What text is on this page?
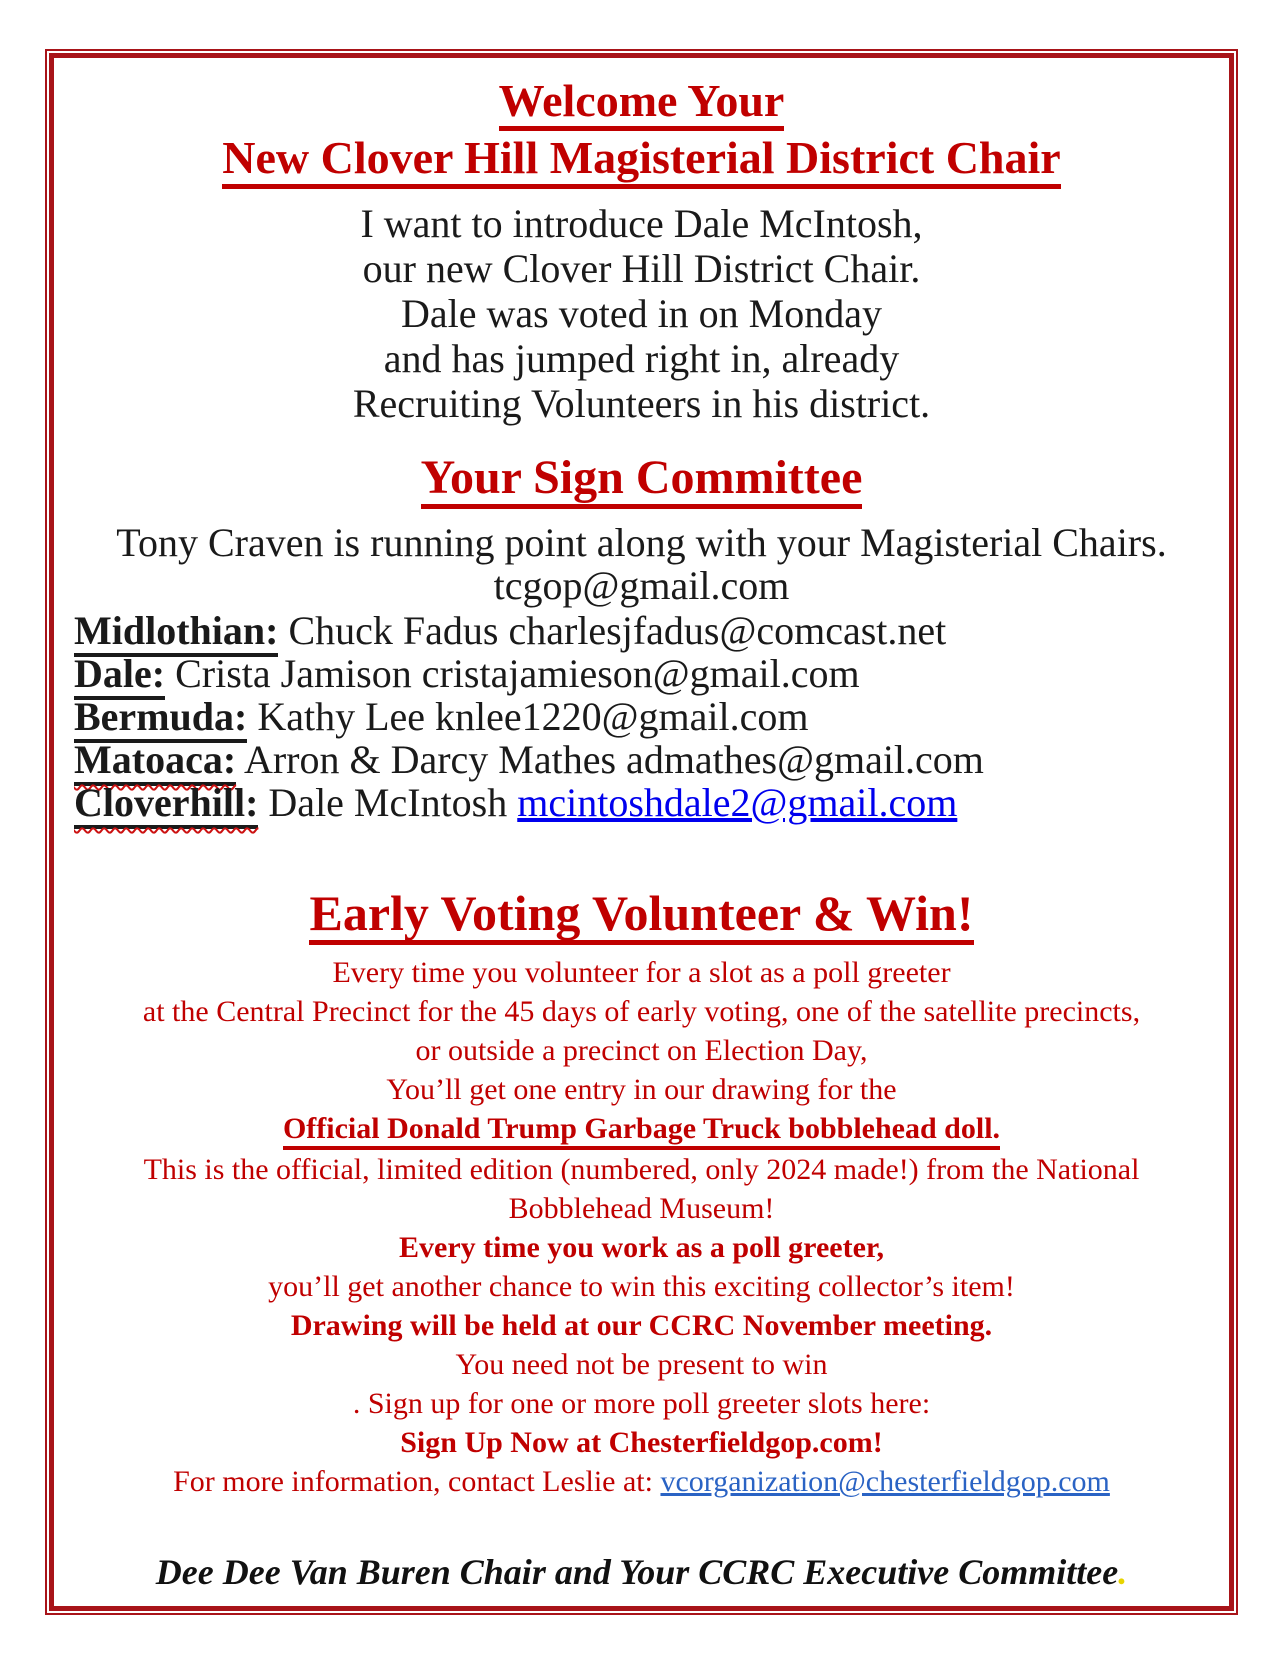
Welcome Your
New Clover Hill Magisterial District Chair
I want to introduce Dale McIntosh,
our new Clover Hill District Chair.
Dale was voted in on Monday
and has jumped right in, already
Recruiting Volunteers in his district.
Your Sign Committee
Tony Craven is running point along with your Magisterial Chairs.
tcgop@gmail.com
Midlothian: Chuck Fadus charlesjfadus@comcast.net
Dale: Crista Jamison cristajamieson@gmail.com
Bermuda: Kathy Lee knlee1220@gmail.com
Matoaca: Arron & Darcy Mathes admathes@gmail.com
Cloverhill: Dale McIntosh mcintoshdale2@gmail.com
Early Voting Volunteer & Win!
Every time you volunteer for a slot as a poll greeter
at the Central Precinct for the 45 days of early voting, one of the satellite precincts,
or outside a precinct on Election Day,
You’ll get one entry in our drawing for the
Official Donald Trump Garbage Truck bobblehead doll.
This is the official, limited edition (numbered, only 2024 made!) from the National
Bobblehead Museum!
Every time you work as a poll greeter,
you’ll get another chance to win this exciting collector’s item!
Drawing will be held at our CCRC November meeting.
You need not be present to win
. Sign up for one or more poll greeter slots here:
Sign Up Now at Chesterfieldgop.com!
For more information, contact Leslie at: vcorganization@chesterfieldgop.com
Dee Dee Van Buren Chair and Your CCRC Executive Committee.
